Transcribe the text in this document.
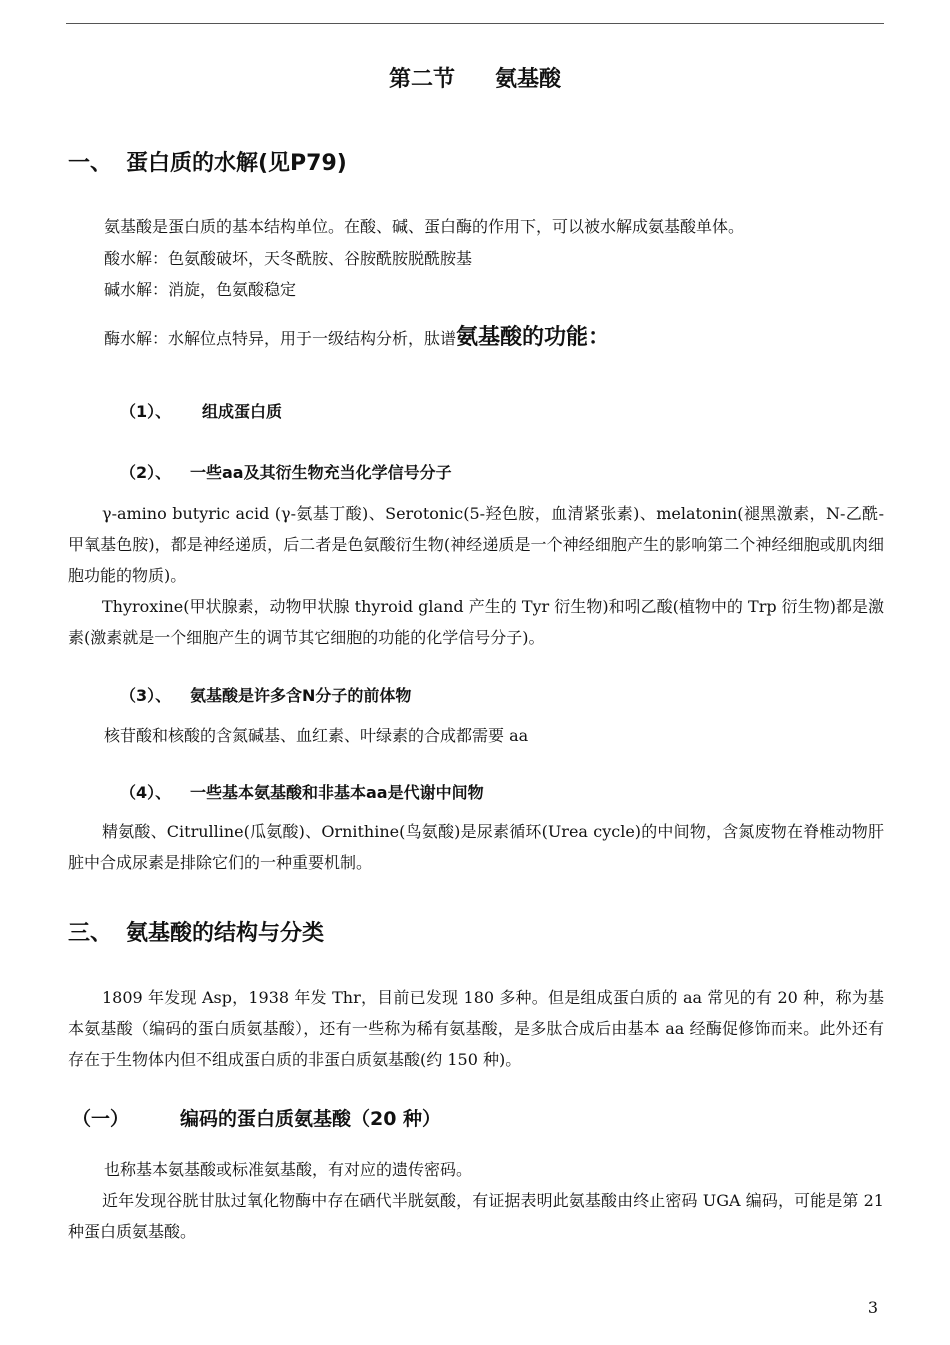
第二节 氨基酸
一、 蛋白质的水解(见P79)
氨基酸是蛋白质的基本结构单位。在酸、碱、蛋白酶的作用下，可以被水解成氨基酸单体。
酸水解：色氨酸破坏，天冬酰胺、谷胺酰胺脱酰胺基
碱水解：消旋，色氨酸稳定
酶水解：水解位点特异，用于一级结构分析，肽谱氨基酸的功能：
（1）、 组成蛋白质
（2）、 一些aa及其衍生物充当化学信号分子
γ-amino butyric acid (γ-氨基丁酸)、Serotonic(5-羟色胺，血清紧张素)、melatonin(褪黑激素，N-乙酰-甲氧基色胺)，都是神经递质，后二者是色氨酸衍生物(神经递质是一个神经细胞产生的影响第二个神经细胞或肌肉细胞功能的物质)。
Thyroxine(甲状腺素，动物甲状腺 thyroid gland 产生的 Tyr 衍生物)和吲乙酸(植物中的 Trp 衍生物)都是激素(激素就是一个细胞产生的调节其它细胞的功能的化学信号分子)。
（3）、 氨基酸是许多含N分子的前体物
核苷酸和核酸的含氮碱基、血红素、叶绿素的合成都需要 aa
（4）、 一些基本氨基酸和非基本aa是代谢中间物
精氨酸、Citrulline(瓜氨酸)、Ornithine(鸟氨酸)是尿素循环(Urea cycle)的中间物，含氮废物在脊椎动物肝脏中合成尿素是排除它们的一种重要机制。
三、 氨基酸的结构与分类
1809 年发现 Asp，1938 年发 Thr，目前已发现 180 多种。但是组成蛋白质的 aa 常见的有 20 种，称为基本氨基酸（编码的蛋白质氨基酸），还有一些称为稀有氨基酸，是多肽合成后由基本 aa 经酶促修饰而来。此外还有存在于生物体内但不组成蛋白质的非蛋白质氨基酸(约 150 种)。
（一）	编码的蛋白质氨基酸（20 种）
也称基本氨基酸或标准氨基酸，有对应的遗传密码。
近年发现谷胱甘肽过氧化物酶中存在硒代半胱氨酸，有证据表明此氨基酸由终止密码 UGA 编码，可能是第 21 种蛋白质氨基酸。
3
